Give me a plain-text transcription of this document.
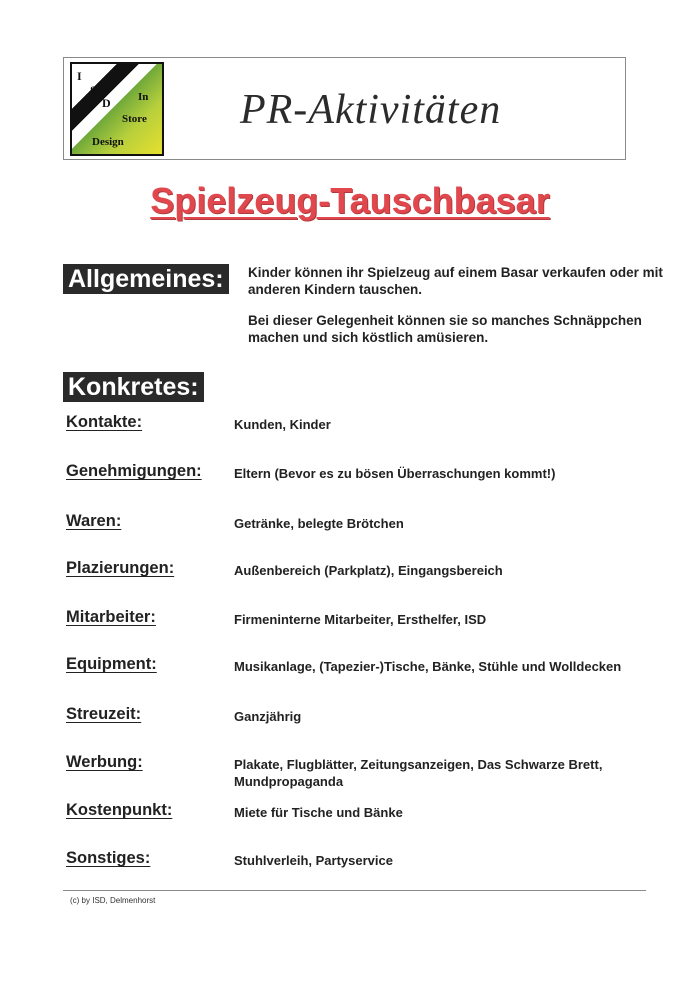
I
S
D In
Store
Design
PR-Aktivitäten
Spielzeug-Tauschbasar
Allgemeines:	Kinder können ihr Spielzeug auf einem Basar verkaufen oder mit anderen Kindern tauschen.
Bei dieser Gelegenheit können sie so manches Schnäppchen machen und sich köstlich amüsieren.
Konkretes:
Kontakte:	Kunden, Kinder
Genehmigungen: Eltern (Bevor es zu bösen Überraschungen kommt!)
Waren:	Getränke, belegte Brötchen
Plazierungen:	Außenbereich (Parkplatz), Eingangsbereich
Mitarbeiter:	Firmeninterne Mitarbeiter, Ersthelfer, ISD
Equipment:	Musikanlage, (Tapezier-)Tische, Bänke, Stühle und Wolldecken
Streuzeit:	Ganzjährig
Werbung:	Plakate, Flugblätter, Zeitungsanzeigen, Das Schwarze Brett, Mundpropaganda
Kostenpunkt:	Miete für Tische und Bänke
Sonstiges:	Stuhlverleih, Partyservice
(c) by ISD, Delmenhorst
